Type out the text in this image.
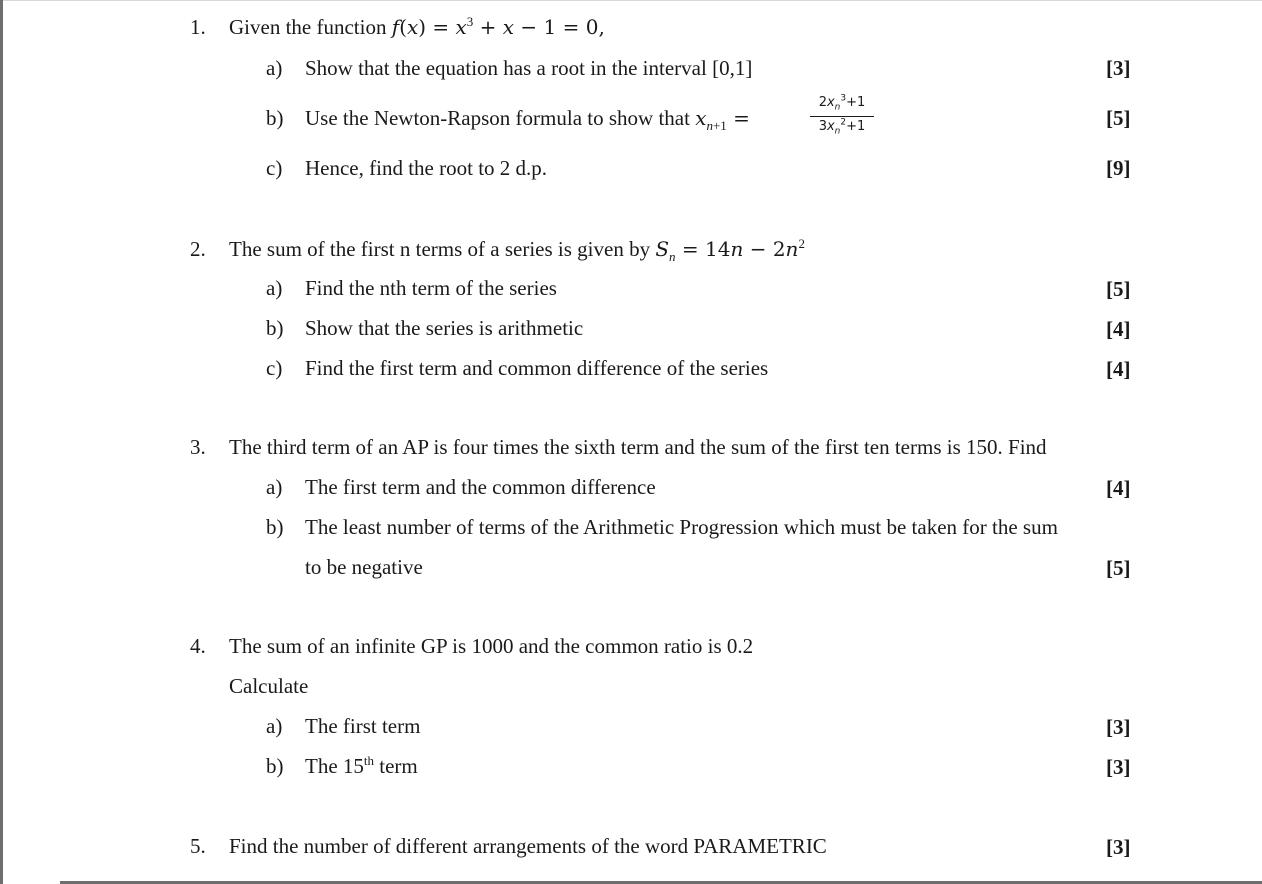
1. Given the function $f(x) = x^3 + x - 1 = 0$,
a) Show that the equation has a root in the interval [0,1]	[3]
b) Use the Newton-Rapson formula to show that $x_{n+1}$ =
$2x_n^3+1$
$3x_n^2+1$	[5]
c) Hence, find the root to 2 d.p.	[9]
2. The sum of the first n terms of a series is given by $S_n = 14n - 2n^2$
a) Find the nth term of the series	[5]
b) Show that the series is arithmetic	[4]
c) Find the first term and common difference of the series	[4]
3. The third term of an AP is four times the sixth term and the sum of the first ten terms is 150. Find
a) The first term and the common difference	[4]
b) The least number of terms of the Arithmetic Progression which must be taken for the sum
to be negative	[5]
4. The sum of an infinite GP is 1000 and the common ratio is 0.2
Calculate
a) The first term	[3]
b) The 15th term	[3]
5. Find the number of different arrangements of the word PARAMETRIC	[3]
